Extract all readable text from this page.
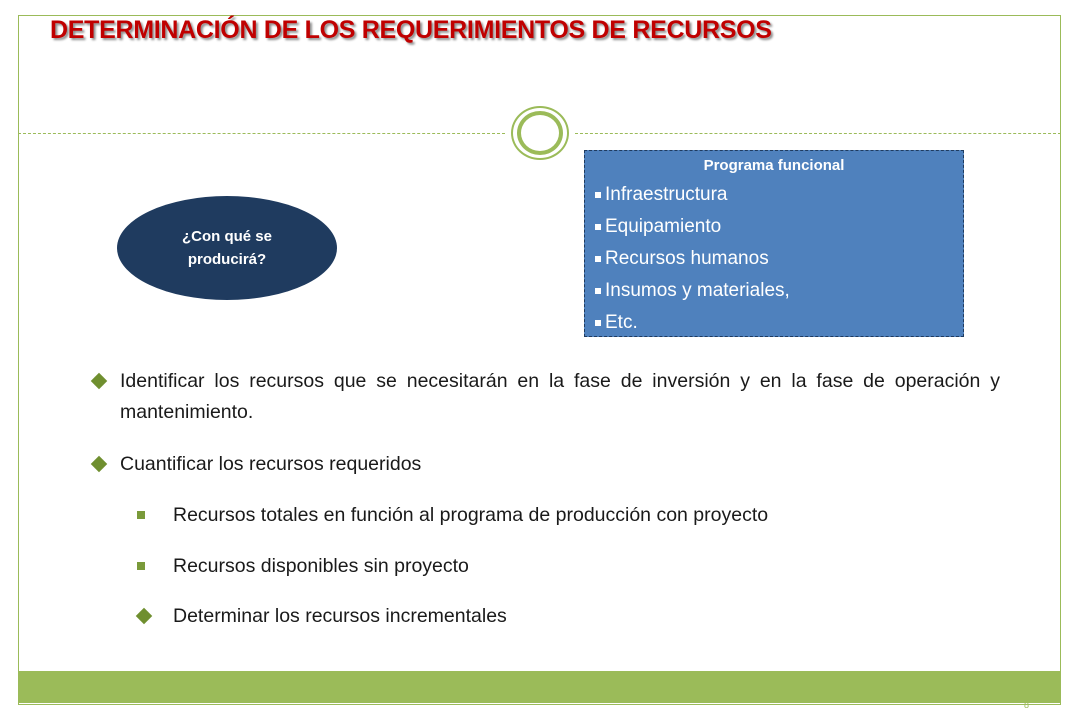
DETERMINACIÓN DE LOS REQUERIMIENTOS DE RECURSOS
¿Con qué se producirá?
Programa funcional
Infraestructura
Equipamiento
Recursos humanos
Insumos y materiales,
Etc.
Identificar los recursos que se necesitarán en la fase de inversión y en la fase de operación y mantenimiento.
Cuantificar los recursos requeridos
Recursos totales en función al programa de producción con proyecto
Recursos disponibles sin proyecto
Determinar los recursos incrementales
8
